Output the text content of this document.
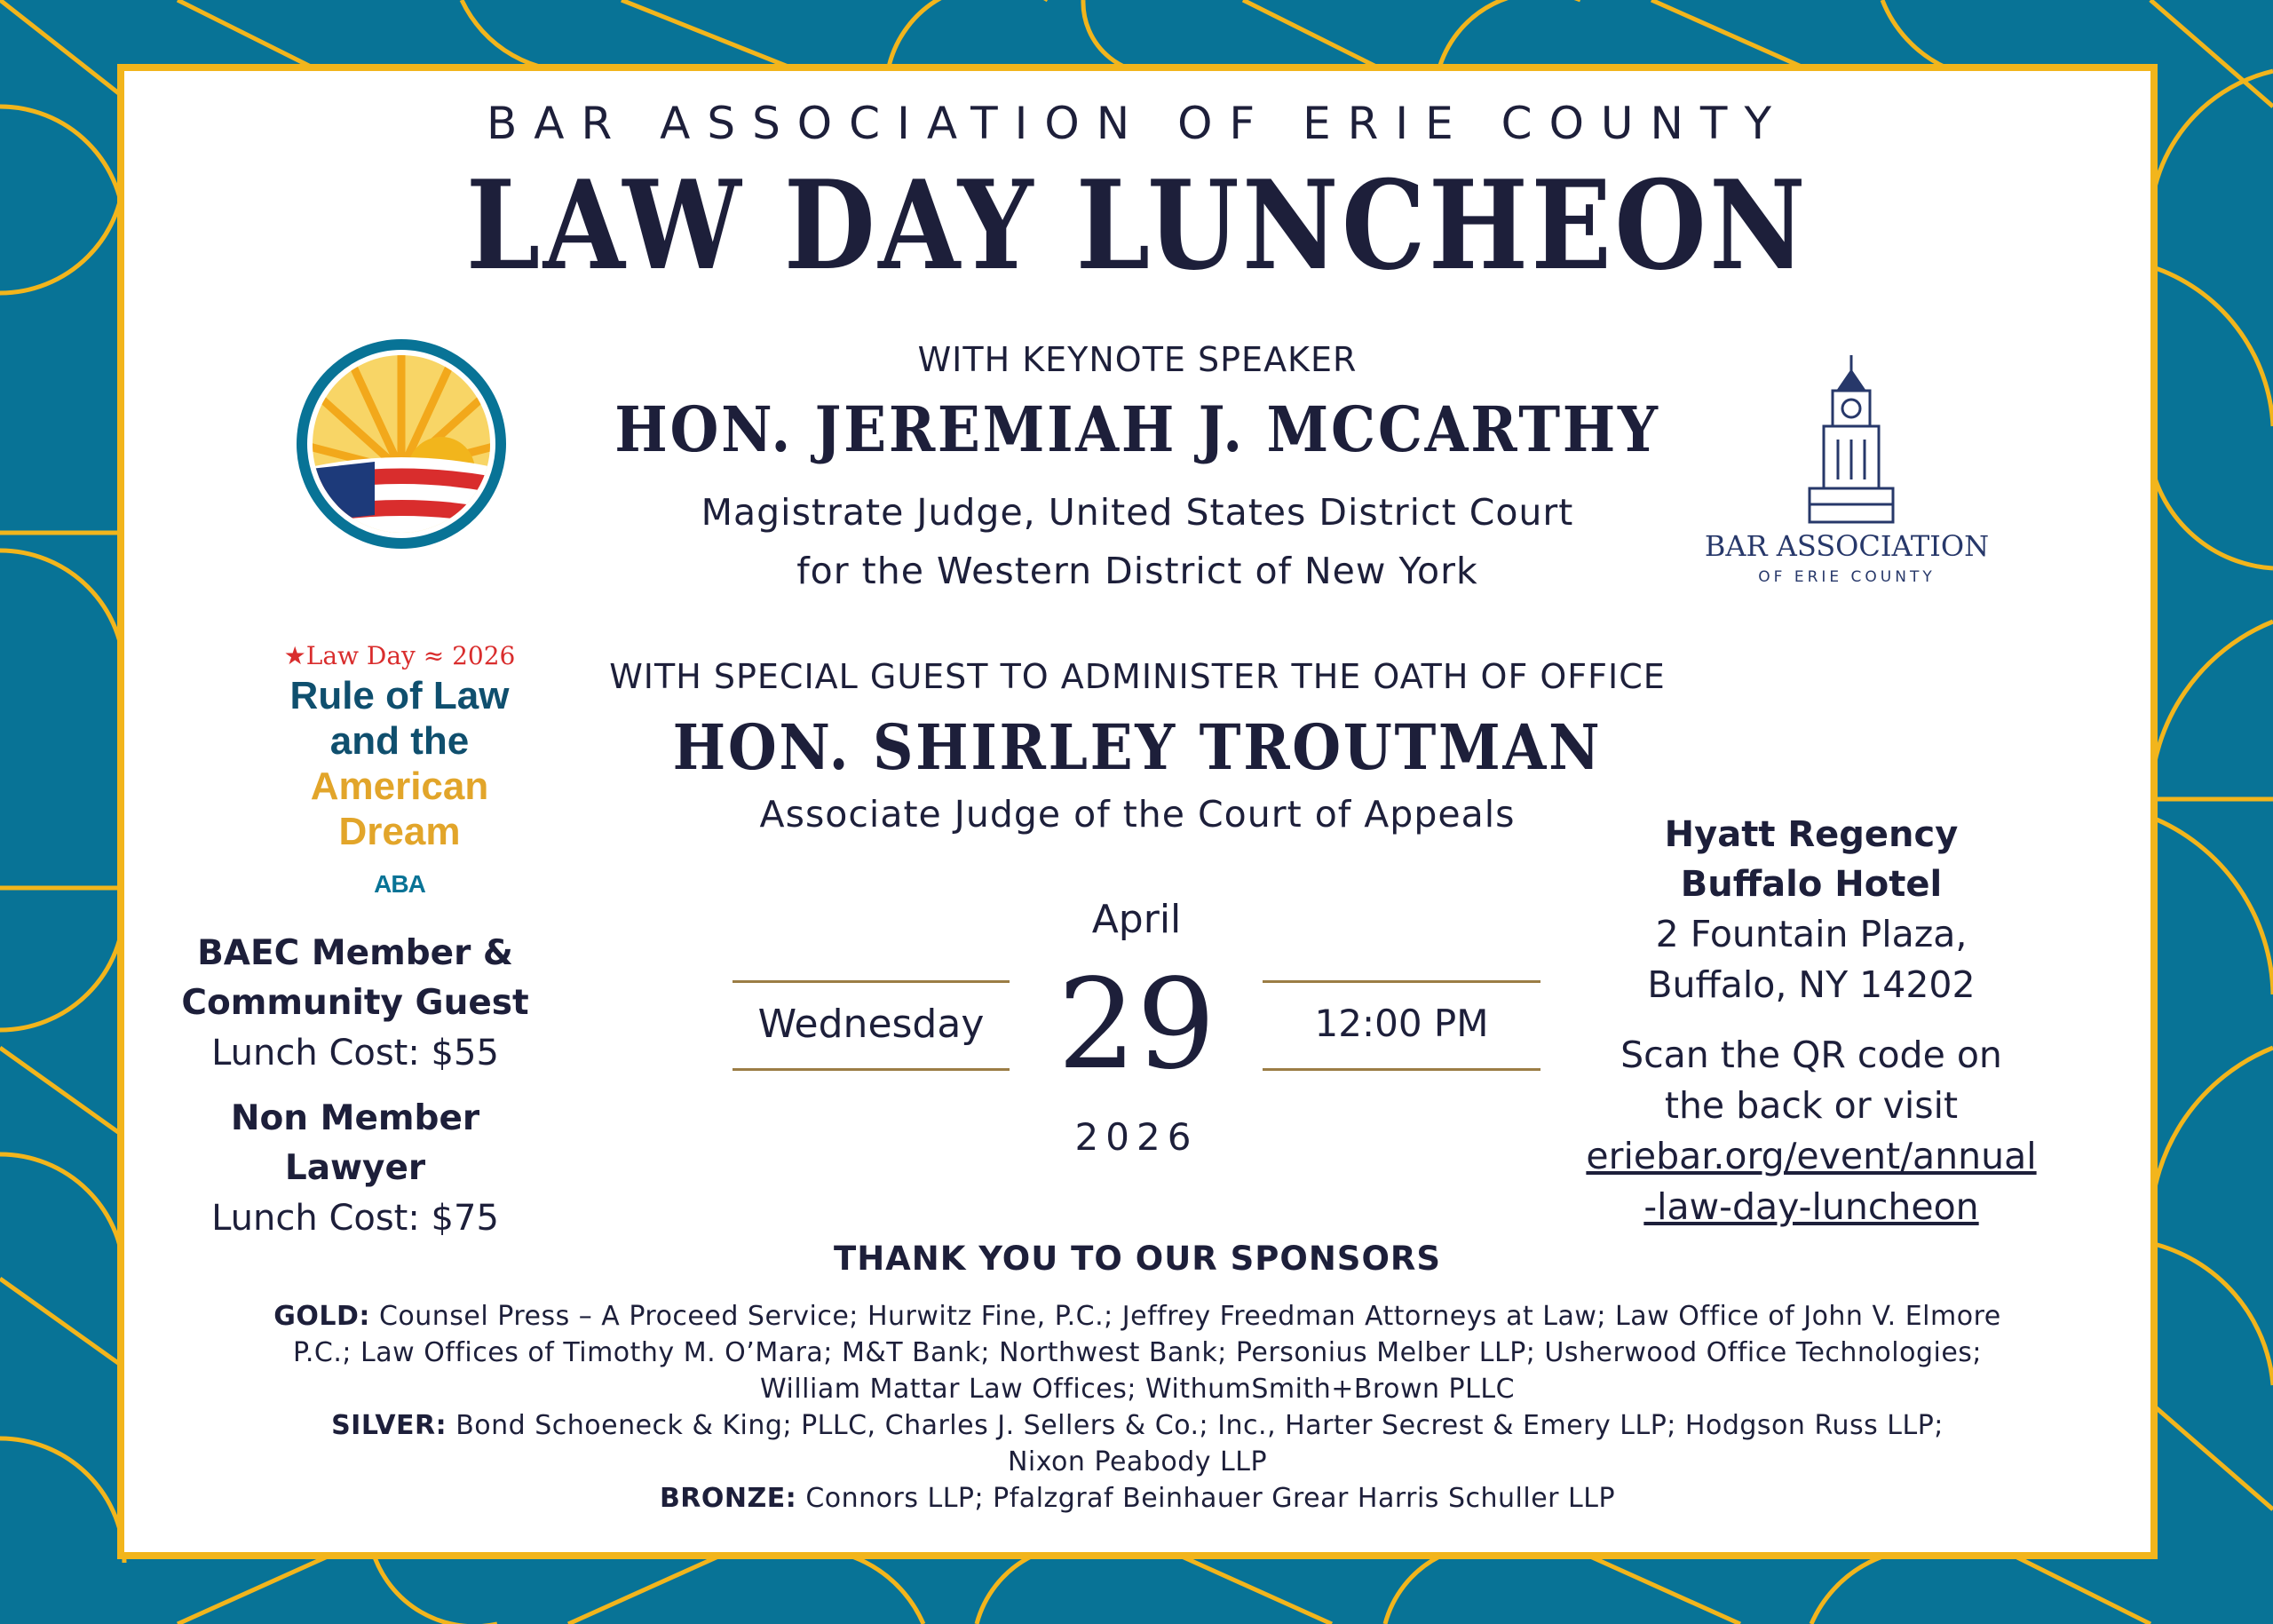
BAR ASSOCIATION OF ERIE COUNTY
LAW DAY LUNCHEON
WITH KEYNOTE SPEAKER
HON. JEREMIAH J. MCCARTHY
Magistrate Judge, United States District Court
for the Western District of New York
WITH SPECIAL GUEST TO ADMINISTER THE OATH OF OFFICE
HON. SHIRLEY TROUTMAN
Associate Judge of the Court of Appeals
★Law Day ≈ 2026
Rule of Law
and the
American
Dream
ABA
BAR ASSOCIATION
OF ERIE COUNTY
BAEC Member &
Community Guest
Lunch Cost: $55
Non Member Lawyer
Lunch Cost: $75
April
Wednesday 29	12:00 PM
2026
Hyatt Regency
Buffalo Hotel
2 Fountain Plaza,
Buffalo, NY 14202
Scan the QR code on
the back or visit
eriebar.org/event/annual
-law-day-luncheon
THANK YOU TO OUR SPONSORS
GOLD: Counsel Press – A Proceed Service; Hurwitz Fine, P.C.; Jeffrey Freedman Attorneys at Law; Law Office of John V. Elmore
P.C.; Law Offices of Timothy M. O’Mara; M&T Bank; Northwest Bank; Personius Melber LLP; Usherwood Office Technologies;
William Mattar Law Offices; WithumSmith+Brown PLLC
SILVER: Bond Schoeneck & King; PLLC, Charles J. Sellers & Co.; Inc., Harter Secrest & Emery LLP; Hodgson Russ LLP;
Nixon Peabody LLP
BRONZE: Connors LLP; Pfalzgraf Beinhauer Grear Harris Schuller LLP
